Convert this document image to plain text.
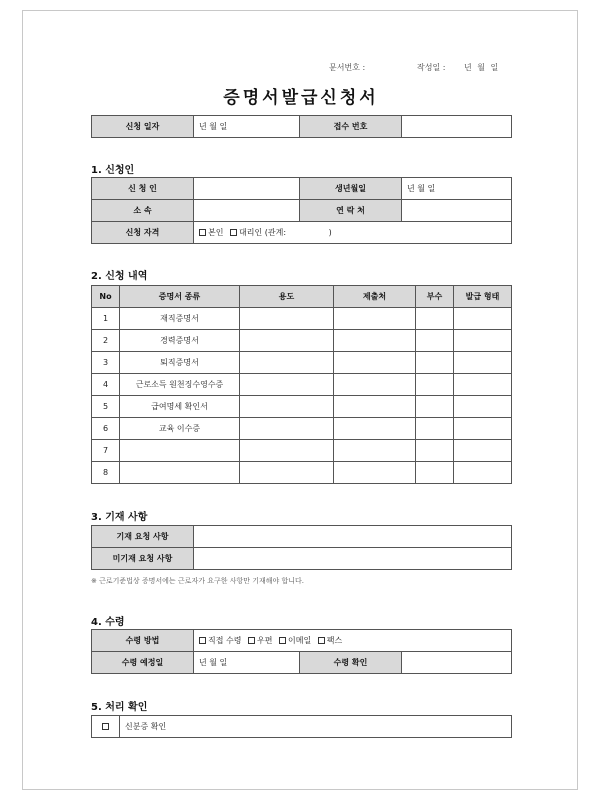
문서번호 :	작성일 : 년 월 일
증명서발급신청서
신청 일자	년 월 일	접수 번호	
1. 신청인
신 청 인		생년월일	년 월 일
소 속		연 락 처	
신청 자격	본인 대리인 (관계: )		
2. 신청 내역
No	증명서 종류	용도	제출처	부수	발급 형태
1	재직증명서				
2	경력증명서				
3	퇴직증명서				
4	근로소득 원천징수영수증				
5	급여명세 확인서				
6	교육 이수증				
7					
8					
3. 기재 사항
기재 요청 사항	
미기재 요청 사항	
※ 근로기준법상 증명서에는 근로자가 요구한 사항만 기재해야 합니다.
4. 수령
수령 방법	직접 수령 우편 이메일 팩스		
수령 예정일	년 월 일	수령 확인	
5. 처리 확인
	신분증 확인
